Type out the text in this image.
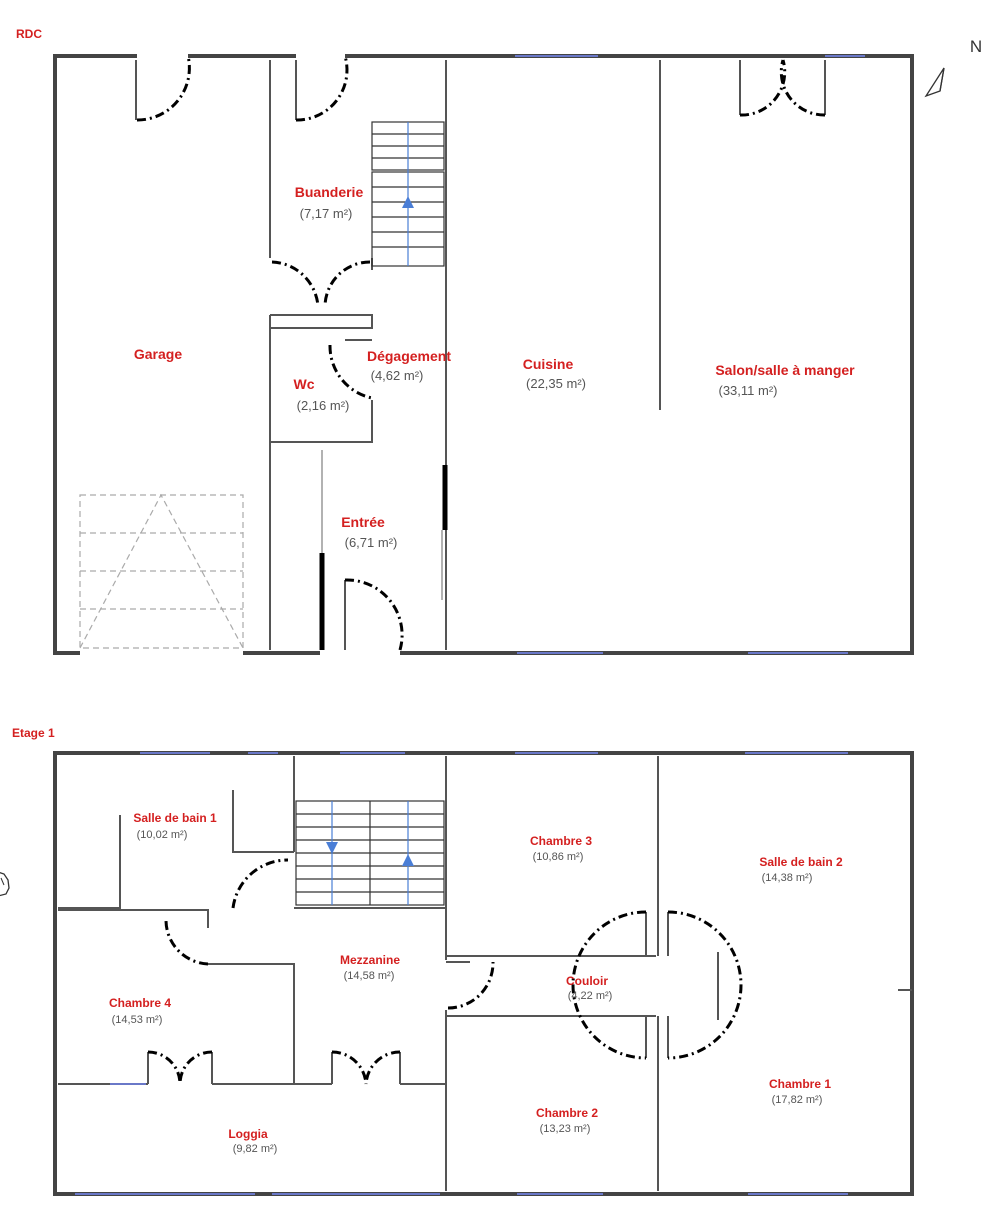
RDC
Garage
Buanderie
(7,17 m²)
Wc
(2,16 m²)
Dégagement
(4,62 m²)
Cuisine
(22,35 m²)
Salon/salle à manger
(33,11 m²)
Entrée
(6,71 m²)
N
Etage 1
Salle de bain 1
(10,02 m²)	Chambre 3
(10,86 m²)	Salle de bain 2
(14,38 m²)
Mezzanine
(14,58 m²)	Couloir
(4,22 m²)
Chambre 4
(14,53 m²)
Chambre 1
(17,82 m²)
Chambre 2
(13,23 m²)
Loggia
(9,82 m²)
